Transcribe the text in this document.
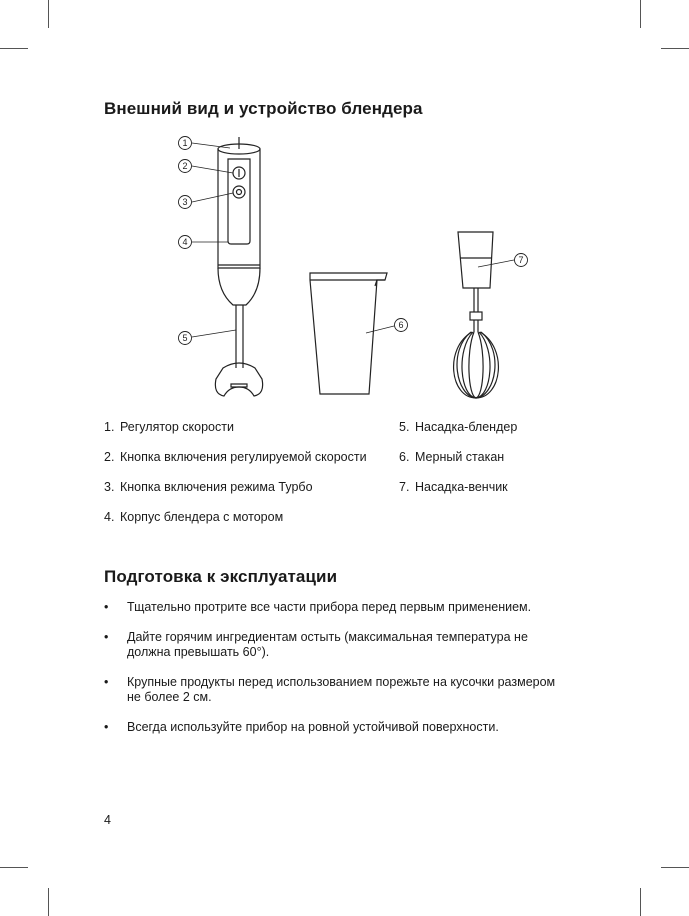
Внешний вид и устройство блендера
1
2
3
4
5
6
7
1. Регулятор скорости
2. Кнопка включения регулируемой скорости
3. Кнопка включения режима Турбо
4. Корпус блендера с мотором
5. Насадка-блендер
6. Мерный стакан
7. Насадка-венчик
Подготовка к эксплуатации
• Тщательно протрите все части прибора перед первым применением.
• Дайте горячим ингредиентам остыть (максимальная температура не должна превышать 60°).
• Крупные продукты перед использованием порежьте на кусочки размером не более 2 см.
• Всегда используйте прибор на ровной устойчивой поверхности.
4
